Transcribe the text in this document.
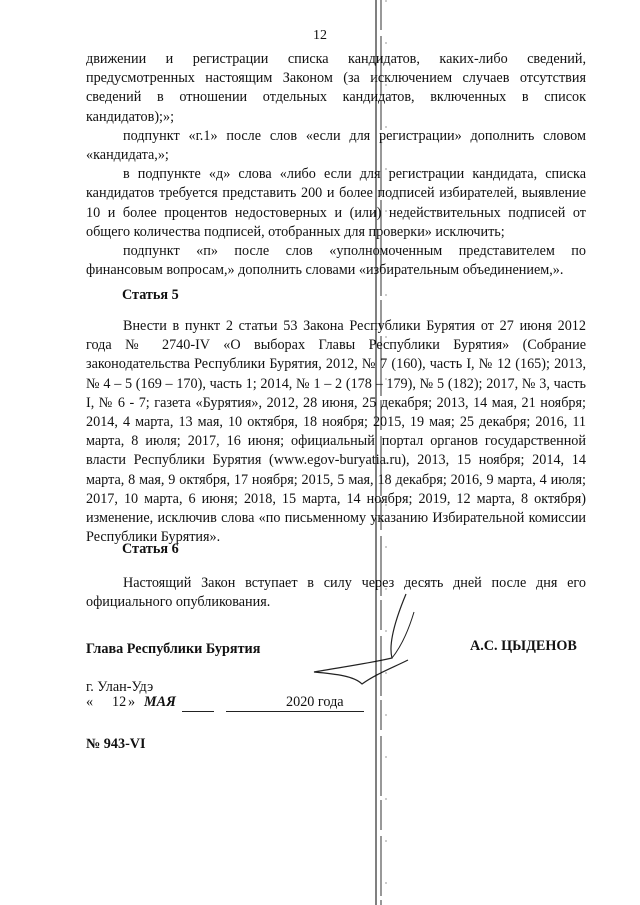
12

движении и регистрации списка кандидатов, каких-либо сведений, предусмотренных настоящим Законом (за исключением случаев отсутствия сведений в отношении отдельных кандидатов, включенных в список кандидатов);»;

подпункт «г.1» после слов «если для регистрации» дополнить словом «кандидата,»;

в подпункте «д» слова «либо если для регистрации кандидата, списка кандидатов требуется представить 200 и более подписей избирателей, выявление 10 и более процентов недостоверных и (или) недействительных подписей от общего количества подписей, отобранных для проверки» исключить;

подпункт «п» после слов «уполномоченным представителем по финансовым вопросам,» дополнить словами «избирательным объединением,».

Статья 5

Внести в пункт 2 статьи 53 Закона Республики Бурятия от 27 июня 2012 года № 2740-IV «О выборах Главы Республики Бурятия» (Собрание законодательства Республики Бурятия, 2012, № 7 (160), часть I, № 12 (165); 2013, № 4 – 5 (169 – 170), часть 1; 2014, № 1 – 2 (178 – 179), № 5 (182); 2017, № 3, часть I, № 6 - 7; газета «Бурятия», 2012, 28 июня, 25 декабря; 2013, 14 мая, 21 ноября; 2014, 4 марта, 13 мая, 10 октября, 18 ноября; 2015, 19 мая; 25 декабря; 2016, 11 марта, 8 июля; 2017, 16 июня; официальный портал органов государственной власти Республики Бурятия (www.egov-buryatia.ru), 2013, 15 ноября; 2014, 14 марта, 8 мая, 9 октября, 17 ноября; 2015, 5 мая, 18 декабря; 2016, 9 марта, 4 июля; 2017, 10 марта, 6 июня; 2018, 15 марта, 14 ноября; 2019, 12 марта, 8 октября) изменение, исключив слова «по письменному указанию Избирательной комиссии Республики Бурятия».

Статья 6

Настоящий Закон вступает в силу через десять дней после дня его официального опубликования.

Глава Республики Бурятия	А.С. ЦЫДЕНОВ
г. Улан-Удэ
« 12 » МАЯ	2020 года
№ 943-VI
